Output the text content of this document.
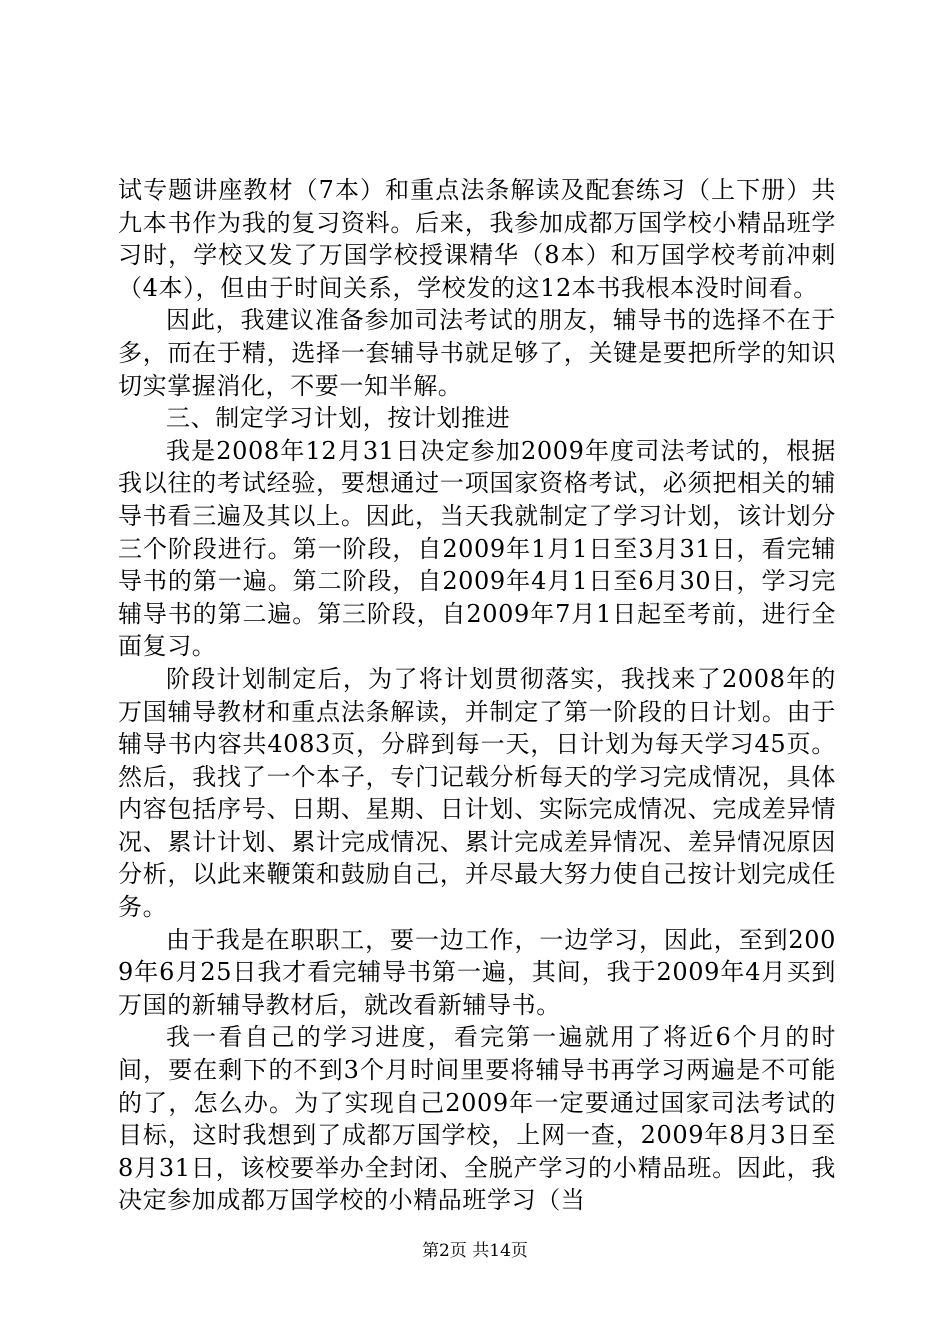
试专题讲座教材（7本）和重点法条解读及配套练习（上下册）共九本书作为我的复习资料。后来，我参加成都万国学校小精品班学习时，学校又发了万国学校授课精华（8本）和万国学校考前冲刺（4本），但由于时间关系，学校发的这12本书我根本没时间看。

因此，我建议准备参加司法考试的朋友，辅导书的选择不在于多，而在于精，选择一套辅导书就足够了，关键是要把所学的知识切实掌握消化，不要一知半解。

三、制定学习计划，按计划推进

我是2008年12月31日决定参加2009年度司法考试的，根据我以往的考试经验，要想通过一项国家资格考试，必须把相关的辅导书看三遍及其以上。因此，当天我就制定了学习计划，该计划分三个阶段进行。第一阶段，自2009年1月1日至3月31日，看完辅导书的第一遍。第二阶段，自2009年4月1日至6月30日，学习完辅导书的第二遍。第三阶段，自2009年7月1日起至考前，进行全面复习。

阶段计划制定后，为了将计划贯彻落实，我找来了2008年的万国辅导教材和重点法条解读，并制定了第一阶段的日计划。由于辅导书内容共4083页，分辟到每一天，日计划为每天学习45页。然后，我找了一个本子，专门记载分析每天的学习完成情况，具体内容包括序号、日期、星期、日计划、实际完成情况、完成差异情况、累计计划、累计完成情况、累计完成差异情况、差异情况原因分析，以此来鞭策和鼓励自己，并尽最大努力使自己按计划完成任务。

由于我是在职职工，要一边工作，一边学习，因此，至到2009年6月25日我才看完辅导书第一遍，其间，我于2009年4月买到万国的新辅导教材后，就改看新辅导书。

我一看自己的学习进度，看完第一遍就用了将近6个月的时间，要在剩下的不到3个月时间里要将辅导书再学习两遍是不可能的了，怎么办。为了实现自己2009年一定要通过国家司法考试的目标，这时我想到了成都万国学校，上网一查，2009年8月3日至8月31日，该校要举办全封闭、全脱产学习的小精品班。因此，我决定参加成都万国学校的小精品班学习（当

第2页 共14页
